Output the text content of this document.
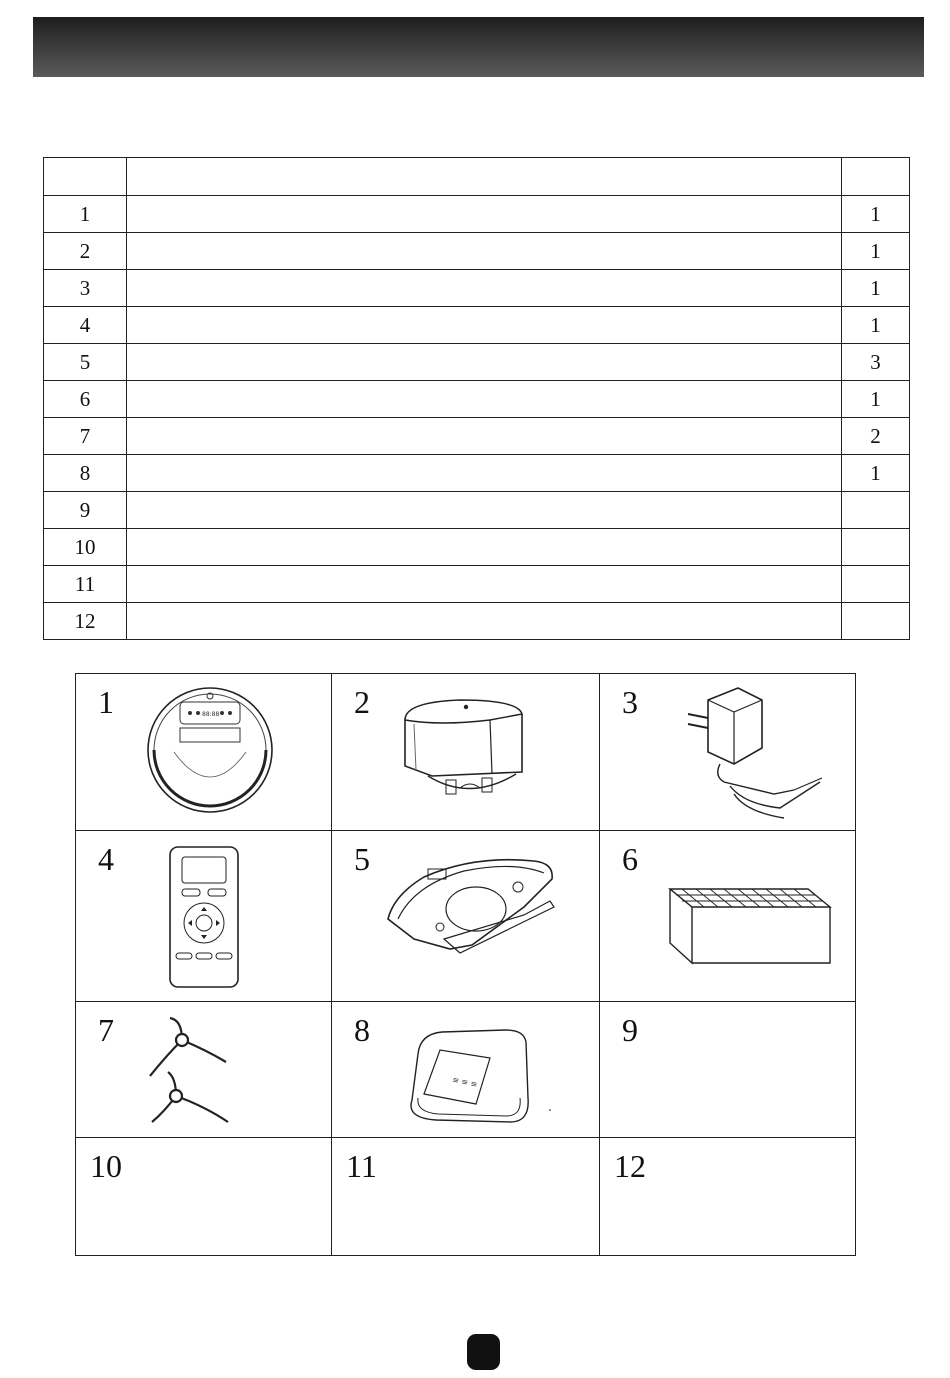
1		1
2		1
3		1
4		1
5		3
6		1
7		2
8		1
9		
10		
11		
12		
1 88:88	2	3

4	5	6

7	8
≡ ≡ ≡	9

10	11	12
